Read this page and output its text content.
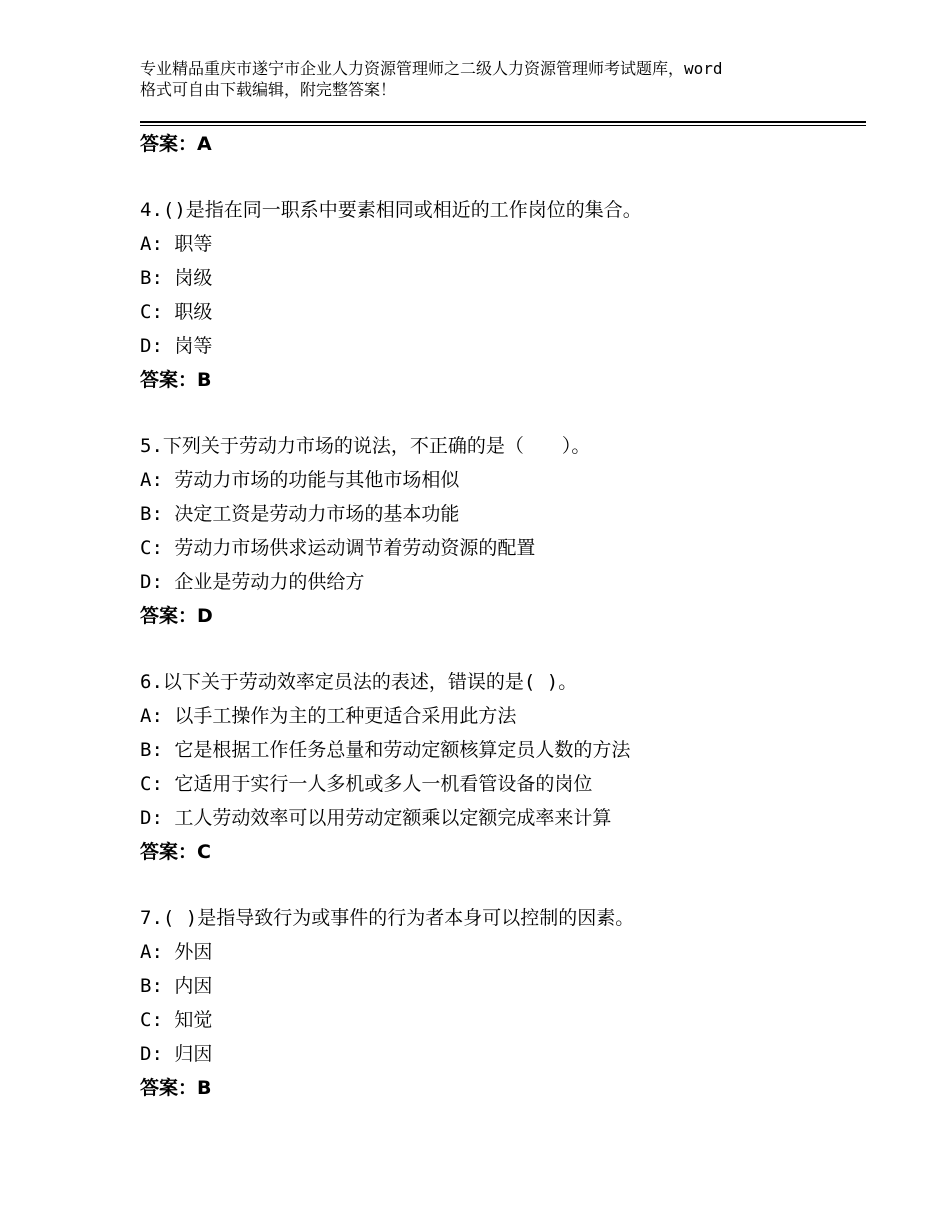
专业精品重庆市遂宁市企业人力资源管理师之二级人力资源管理师考试题库，word
格式可自由下载编辑，附完整答案！
答案：A
4.()是指在同一职系中要素相同或相近的工作岗位的集合。
A: 职等
B: 岗级
C: 职级
D: 岗等
答案：B
5.下列关于劳动力市场的说法，不正确的是（　　）。
A: 劳动力市场的功能与其他市场相似
B: 决定工资是劳动力市场的基本功能
C: 劳动力市场供求运动调节着劳动资源的配置
D: 企业是劳动力的供给方
答案：D
6.以下关于劳动效率定员法的表述，错误的是( )。
A: 以手工操作为主的工种更适合采用此方法
B: 它是根据工作任务总量和劳动定额核算定员人数的方法
C: 它适用于实行一人多机或多人一机看管设备的岗位
D: 工人劳动效率可以用劳动定额乘以定额完成率来计算
答案：C
7.( )是指导致行为或事件的行为者本身可以控制的因素。
A: 外因
B: 内因
C: 知觉
D: 归因
答案：B
